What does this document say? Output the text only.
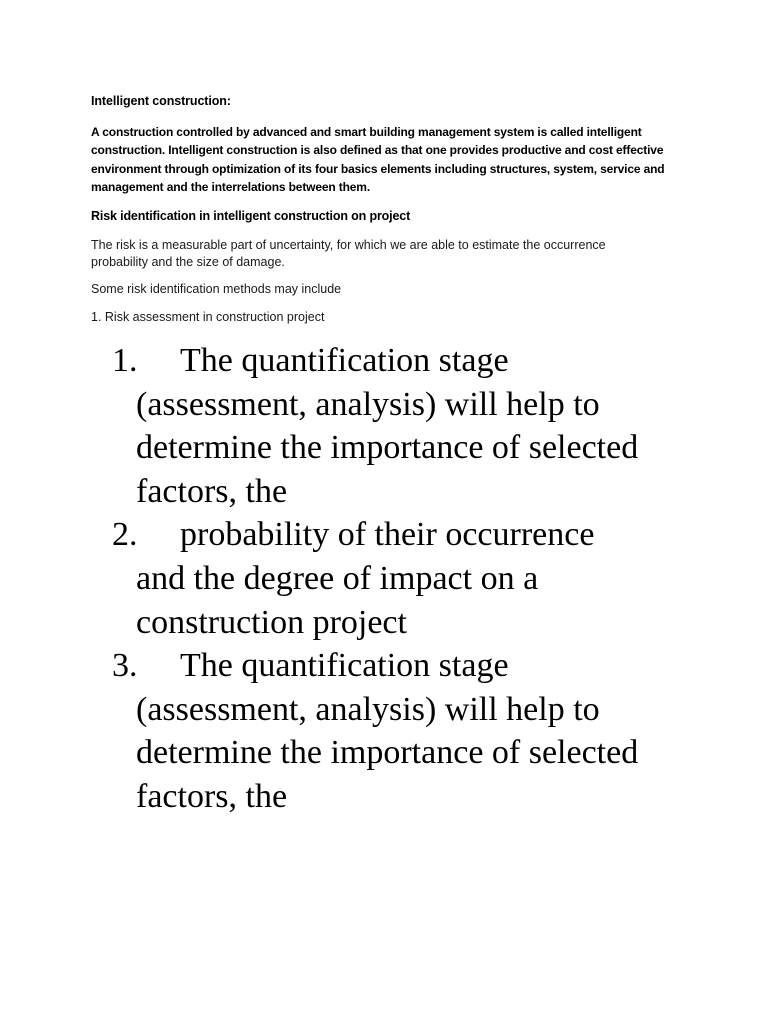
Intelligent construction:
A construction controlled by advanced and smart building management system is called intelligent
construction. Intelligent construction is also defined as that one provides productive and cost effective
environment through optimization of its four basics elements including structures, system, service and
management and the interrelations between them.
Risk identification in intelligent construction on project
The risk is a measurable part of uncertainty, for which we are able to estimate the occurrence
probability and the size of damage.
Some risk identification methods may include
1. Risk assessment in construction project
1. The quantification stage
(assessment, analysis) will help to
determine the importance of selected
factors, the
2. probability of their occurrence
and the degree of impact on a
construction project
3. The quantification stage
(assessment, analysis) will help to
determine the importance of selected
factors, the
